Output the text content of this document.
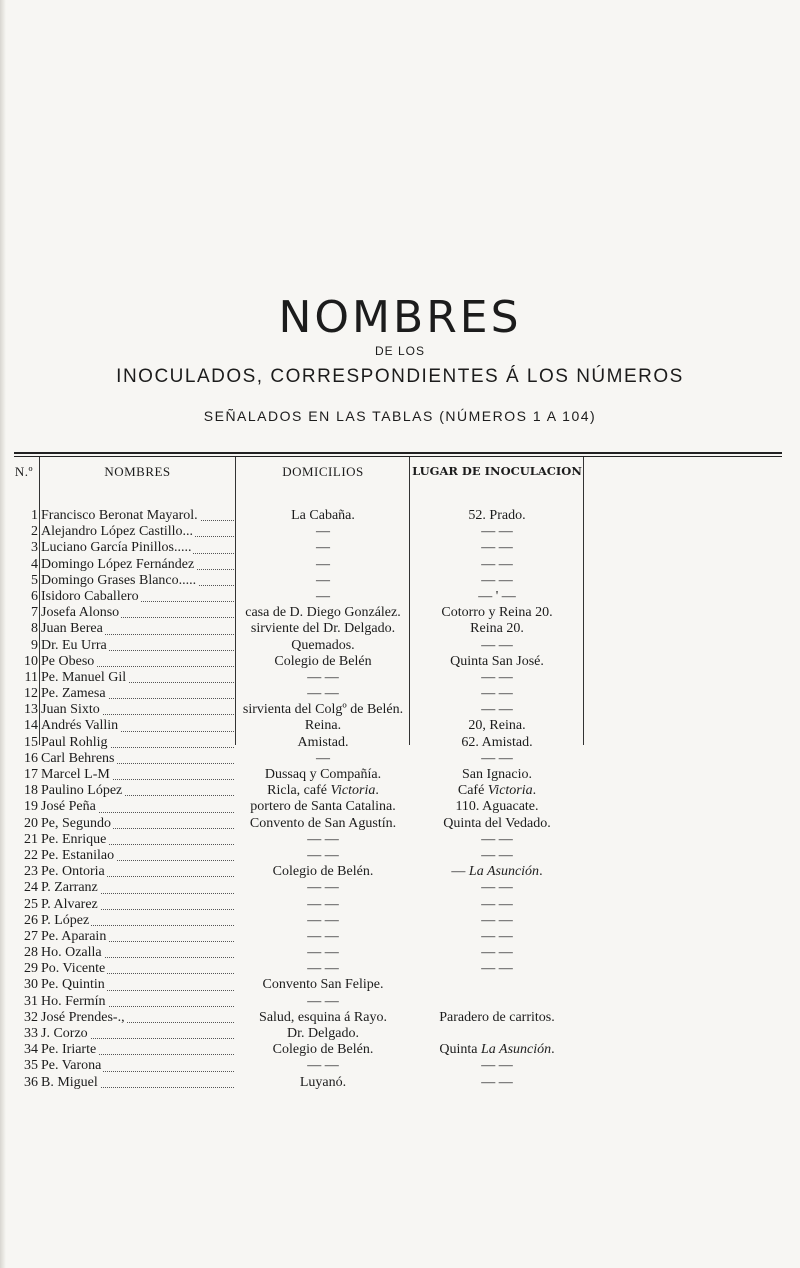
NOMBRES
DE LOS
INOCULADOS, CORRESPONDIENTES Á LOS NÚMEROS
SEÑALADOS EN LAS TABLAS (NÚMEROS 1 A 104)
N.º	NOMBRES	DOMICILIOS	LUGAR DE INOCULACION
1 Francisco Beronat Mayarol.	La Cabaña.	52. Prado.
2 Alejandro López Castillo...	—	— —
3 Luciano García Pinillos.....	—	— —
4 Domingo López Fernández	—	— —
5 Domingo Grases Blanco.....	—	— —
6 Isidoro Caballero	—	— ' —
7 Josefa Alonso	casa de D. Diego González.	Cotorro y Reina 20.
8 Juan Berea	sirviente del Dr. Delgado.	Reina 20.
9 Dr. Eu Urra	Quemados.	— —
10 Pe Obeso	Colegio de Belén	Quinta San José.
11 Pe. Manuel Gil	— —	— —
12 Pe. Zamesa	— —	— —
13 Juan Sixto	sirvienta del Colgº de Belén.	— —
14 Andrés Vallin	Reina.	20, Reina.
15 Paul Rohlig	Amistad.	62. Amistad.
16 Carl Behrens	—	— —
17 Marcel L-M	Dussaq y Compañía.	San Ignacio.
18 Paulino López	Ricla, café Victoria.	Café Victoria.
19 José Peña	portero de Santa Catalina.	110. Aguacate.
20 Pe, Segundo	Convento de San Agustín.	Quinta del Vedado.
21 Pe. Enrique	— —	— —
22 Pe. Estanilao	— —	— —
23 Pe. Ontoria	Colegio de Belén.	— La Asunción.
24 P. Zarranz	— —	— —
25 P. Alvarez	— —	— —
26 P. López	— —	— —
27 Pe. Aparain	— —	— —
28 Ho. Ozalla	— —	— —
29 Po. Vicente	— —	— —
30 Pe. Quintin	Convento San Felipe.
31 Ho. Fermín	— —
32 José Prendes-.,	Salud, esquina á Rayo.	Paradero de carritos.
33 J. Corzo	Dr. Delgado.
34 Pe. Iriarte	Colegio de Belén.	Quinta La Asunción.
35 Pe. Varona	— —	— —
36 B. Miguel	Luyanó.	— —
